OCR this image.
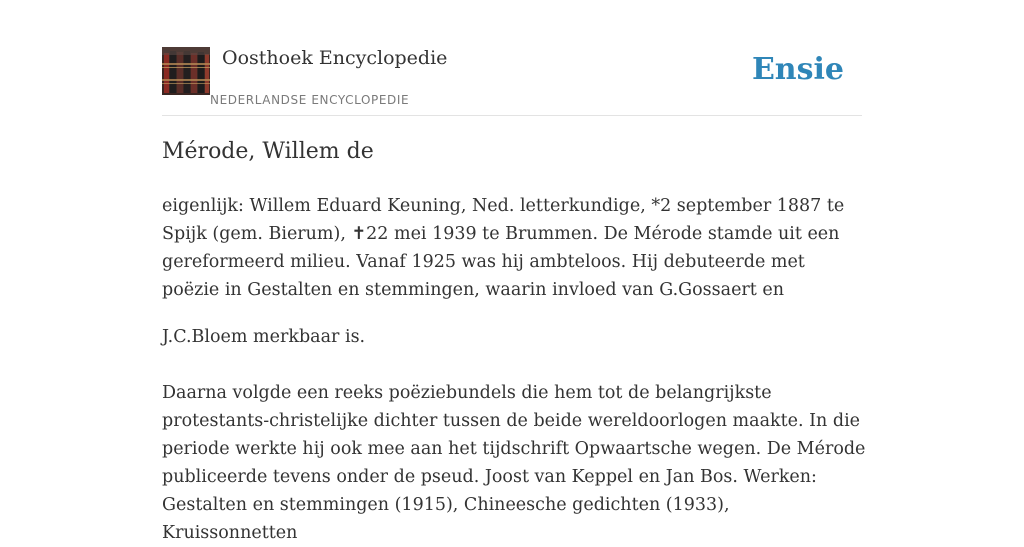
Oosthoek Encyclopedie
NEDERLANDSE ENCYCLOPEDIE
Ensie
Mérode, Willem de

eigenlijk: Willem Eduard Keuning, Ned. letterkundige, *2 september 1887 te Spijk (gem. Bierum), ✝22 mei 1939 te Brummen. De Mérode stamde uit een gereformeerd milieu. Vanaf 1925 was hij ambteloos. Hij debuteerde met poëzie in Gestalten en stemmingen, waarin invloed van G.Gossaert en

J.C.Bloem merkbaar is.

Daarna volgde een reeks poëziebundels die hem tot de belangrijkste protestants-christelijke dichter tussen de beide wereldoorlogen maakte. In die periode werkte hij ook mee aan het tijdschrift Opwaartsche wegen. De Mérode publiceerde tevens onder de pseud. Joost van Keppel en Jan Bos. Werken: Gestalten en stemmingen (1915), Chineesche gedichten (1933), Kruissonnetten
